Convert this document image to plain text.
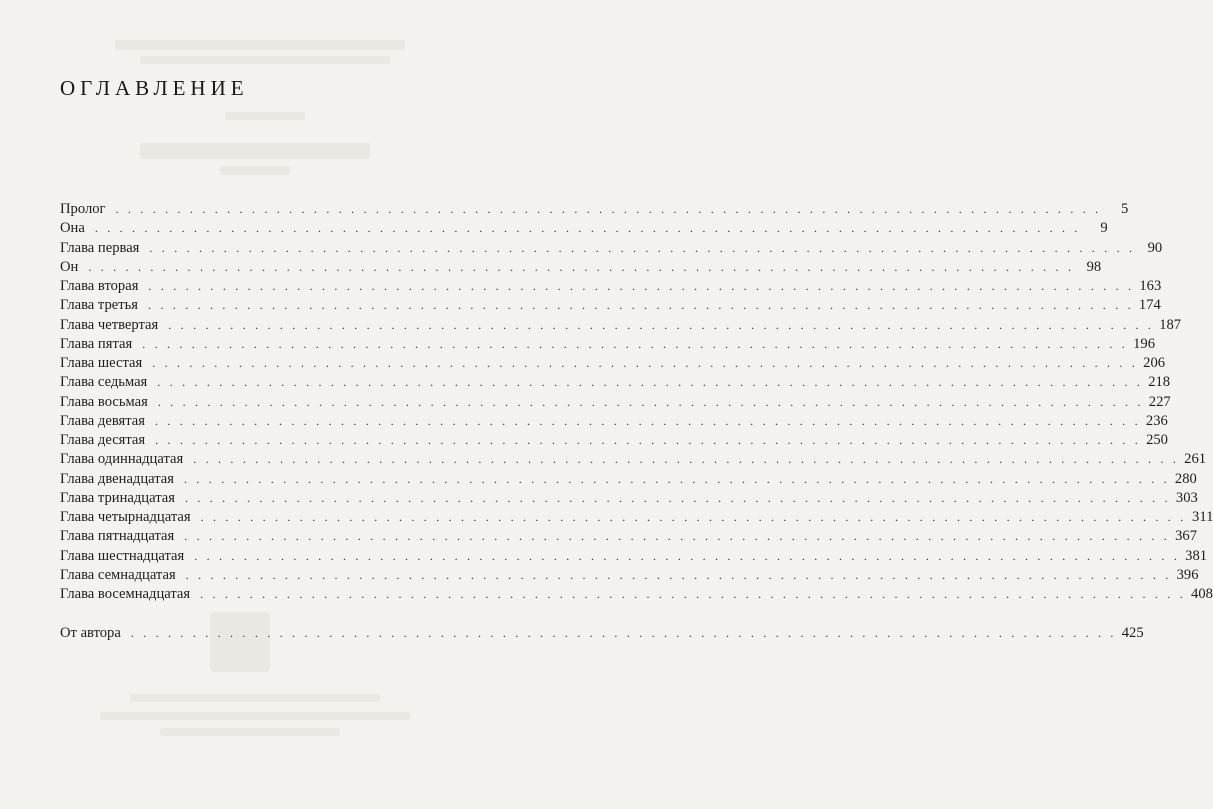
ОГЛАВЛЕНИЕ
Пролог . . . . . . . . . . . . . . . . . . . . . . . . . . . . . . . . . . . . . . . . . . . . . . . . . . . . . . . . . . . . . . . . . . . . . . . . . . . . . . . .	5
Она . . . . . . . . . . . . . . . . . . . . . . . . . . . . . . . . . . . . . . . . . . . . . . . . . . . . . . . . . . . . . . . . . . . . . . . . . . . . . . . .	9
Глава первая . . . . . . . . . . . . . . . . . . . . . . . . . . . . . . . . . . . . . . . . . . . . . . . . . . . . . . . . . . . . . . . . . . . . . . . . . . . . . . . . 90
Он . . . . . . . . . . . . . . . . . . . . . . . . . . . . . . . . . . . . . . . . . . . . . . . . . . . . . . . . . . . . . . . . . . . . . . . . . . . . . . . . 98
Глава вторая . . . . . . . . . . . . . . . . . . . . . . . . . . . . . . . . . . . . . . . . . . . . . . . . . . . . . . . . . . . . . . . . . . . . . . . . . . . . . . . . 163
Глава третья . . . . . . . . . . . . . . . . . . . . . . . . . . . . . . . . . . . . . . . . . . . . . . . . . . . . . . . . . . . . . . . . . . . . . . . . . . . . . . . . 174
Глава четвертая . . . . . . . . . . . . . . . . . . . . . . . . . . . . . . . . . . . . . . . . . . . . . . . . . . . . . . . . . . . . . . . . . . . . . . . . . . . . . . . . 187
Глава пятая . . . . . . . . . . . . . . . . . . . . . . . . . . . . . . . . . . . . . . . . . . . . . . . . . . . . . . . . . . . . . . . . . . . . . . . . . . . . . . . . 196
Глава шестая . . . . . . . . . . . . . . . . . . . . . . . . . . . . . . . . . . . . . . . . . . . . . . . . . . . . . . . . . . . . . . . . . . . . . . . . . . . . . . . . 206
Глава седьмая . . . . . . . . . . . . . . . . . . . . . . . . . . . . . . . . . . . . . . . . . . . . . . . . . . . . . . . . . . . . . . . . . . . . . . . . . . . . . . . . 218
Глава восьмая . . . . . . . . . . . . . . . . . . . . . . . . . . . . . . . . . . . . . . . . . . . . . . . . . . . . . . . . . . . . . . . . . . . . . . . . . . . . . . . . 227
Глава девятая . . . . . . . . . . . . . . . . . . . . . . . . . . . . . . . . . . . . . . . . . . . . . . . . . . . . . . . . . . . . . . . . . . . . . . . . . . . . . . . . 236
Глава десятая . . . . . . . . . . . . . . . . . . . . . . . . . . . . . . . . . . . . . . . . . . . . . . . . . . . . . . . . . . . . . . . . . . . . . . . . . . . . . . . . 250
Глава одиннадцатая . . . . . . . . . . . . . . . . . . . . . . . . . . . . . . . . . . . . . . . . . . . . . . . . . . . . . . . . . . . . . . . . . . . . . . . . . . . . . . . . 261
Глава двенадцатая . . . . . . . . . . . . . . . . . . . . . . . . . . . . . . . . . . . . . . . . . . . . . . . . . . . . . . . . . . . . . . . . . . . . . . . . . . . . . . . . 280
Глава тринадцатая . . . . . . . . . . . . . . . . . . . . . . . . . . . . . . . . . . . . . . . . . . . . . . . . . . . . . . . . . . . . . . . . . . . . . . . . . . . . . . . . 303
Глава четырнадцатая . . . . . . . . . . . . . . . . . . . . . . . . . . . . . . . . . . . . . . . . . . . . . . . . . . . . . . . . . . . . . . . . . . . . . . . . . . . . . . . . 311
Глава пятнадцатая . . . . . . . . . . . . . . . . . . . . . . . . . . . . . . . . . . . . . . . . . . . . . . . . . . . . . . . . . . . . . . . . . . . . . . . . . . . . . . . . 367
Глава шестнадцатая . . . . . . . . . . . . . . . . . . . . . . . . . . . . . . . . . . . . . . . . . . . . . . . . . . . . . . . . . . . . . . . . . . . . . . . . . . . . . . . . 381
Глава семнадцатая . . . . . . . . . . . . . . . . . . . . . . . . . . . . . . . . . . . . . . . . . . . . . . . . . . . . . . . . . . . . . . . . . . . . . . . . . . . . . . . . 396
Глава восемнадцатая . . . . . . . . . . . . . . . . . . . . . . . . . . . . . . . . . . . . . . . . . . . . . . . . . . . . . . . . . . . . . . . . . . . . . . . . . . . . . . . . 408
От автора . . . . . . . . . . . . . . . . . . . . . . . . . . . . . . . . . . . . . . . . . . . . . . . . . . . . . . . . . . . . . . . . . . . . . . . . . . . . . . . . 425
